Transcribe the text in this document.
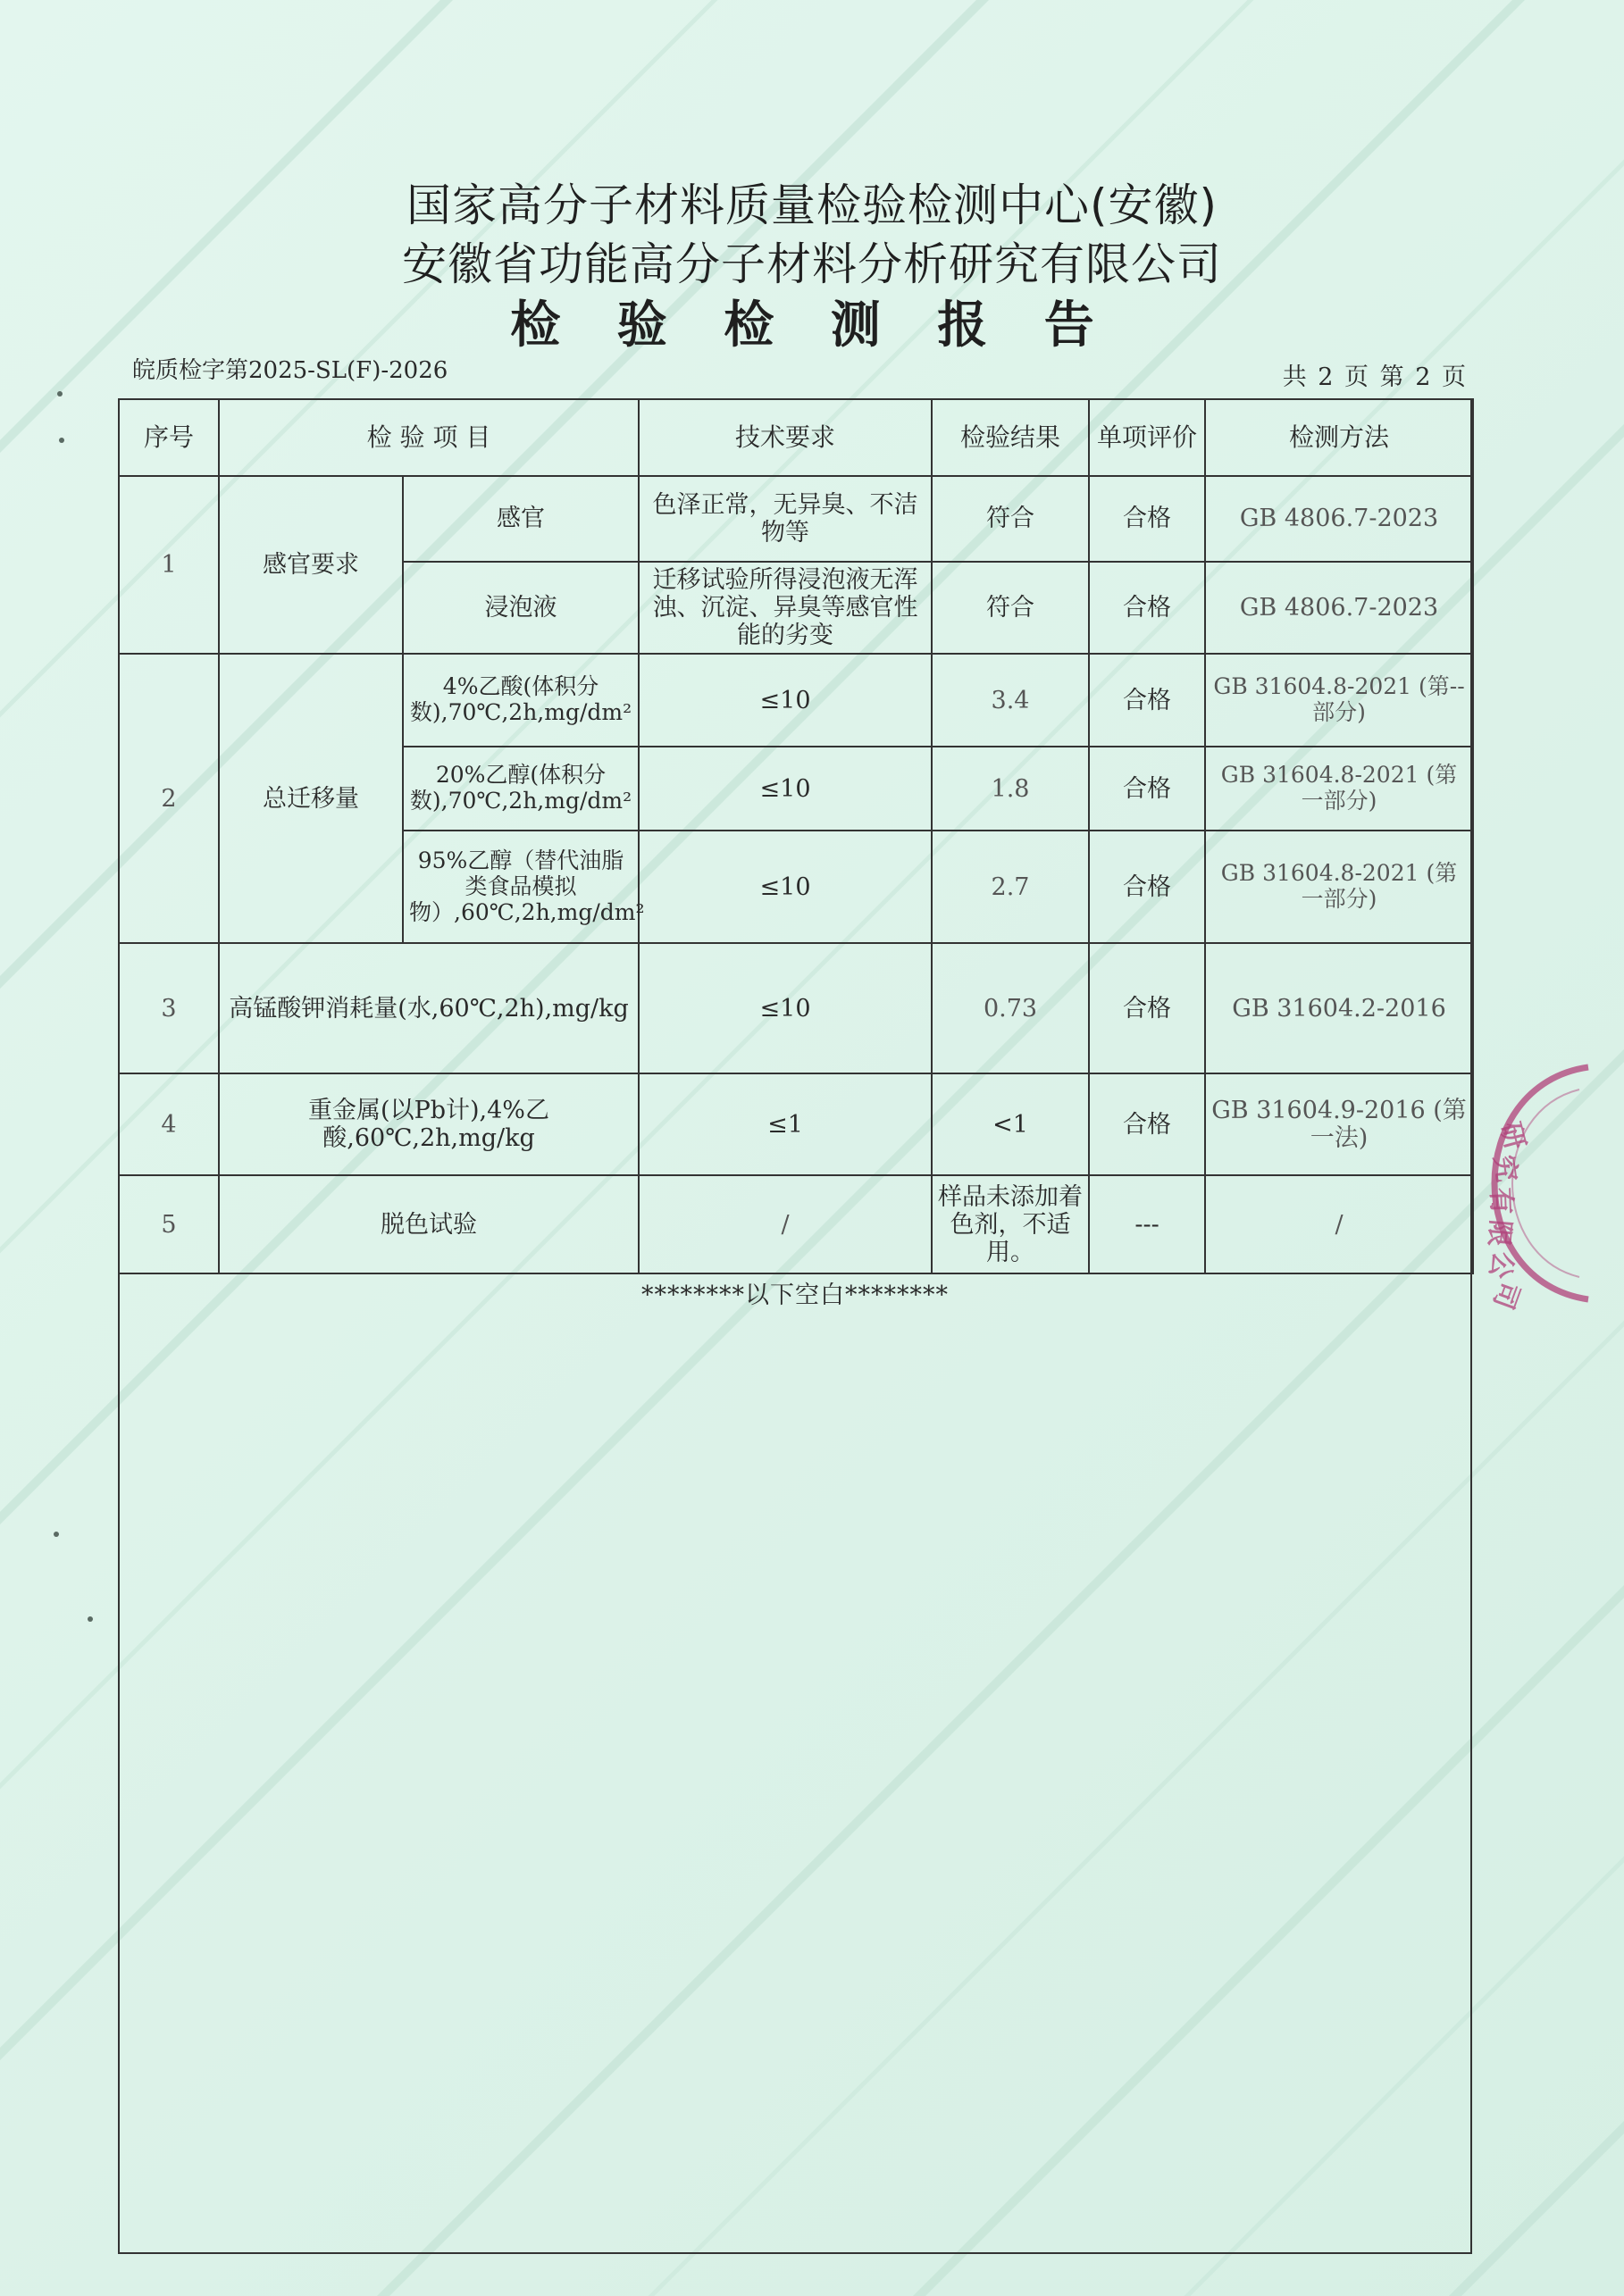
国家高分子材料质量检验检测中心(安徽)
安徽省功能高分子材料分析研究有限公司
检 验 检 测 报 告
皖质检字第2025-SL(F)-2026	共 2 页 第 2 页
序号	检 验 项 目		技术要求	检验结果	单项评价	检测方法
1	感官要求	感官	色泽正常，无异臭、不洁物等	符合	合格	GB 4806.7-2023
		浸泡液	迁移试验所得浸泡液无浑浊、沉淀、异臭等感官性能的劣变	符合	合格	GB 4806.7-2023
2	总迁移量	4%乙酸(体积分数),70℃,2h,mg/dm²	≤10	3.4	合格	GB 31604.8-2021 (第--部分)
		20%乙醇(体积分数),70℃,2h,mg/dm²	≤10	1.8	合格	GB 31604.8-2021 (第一部分)
		95%乙醇（替代油脂类食品模拟物）,60℃,2h,mg/dm²	≤10	2.7	合格	GB 31604.8-2021 (第一部分)
3	高锰酸钾消耗量(水,60℃,2h),mg/kg		≤10	0.73	合格	GB 31604.2-2016
4	重金属(以Pb计),4%乙酸,60℃,2h,mg/kg		≤1	<1	合格	GB 31604.9-2016 (第一法)
5	脱色试验		/	样品未添加着色剂，不适用。	---	/
********以下空白********
研
究
有
限
公
司
